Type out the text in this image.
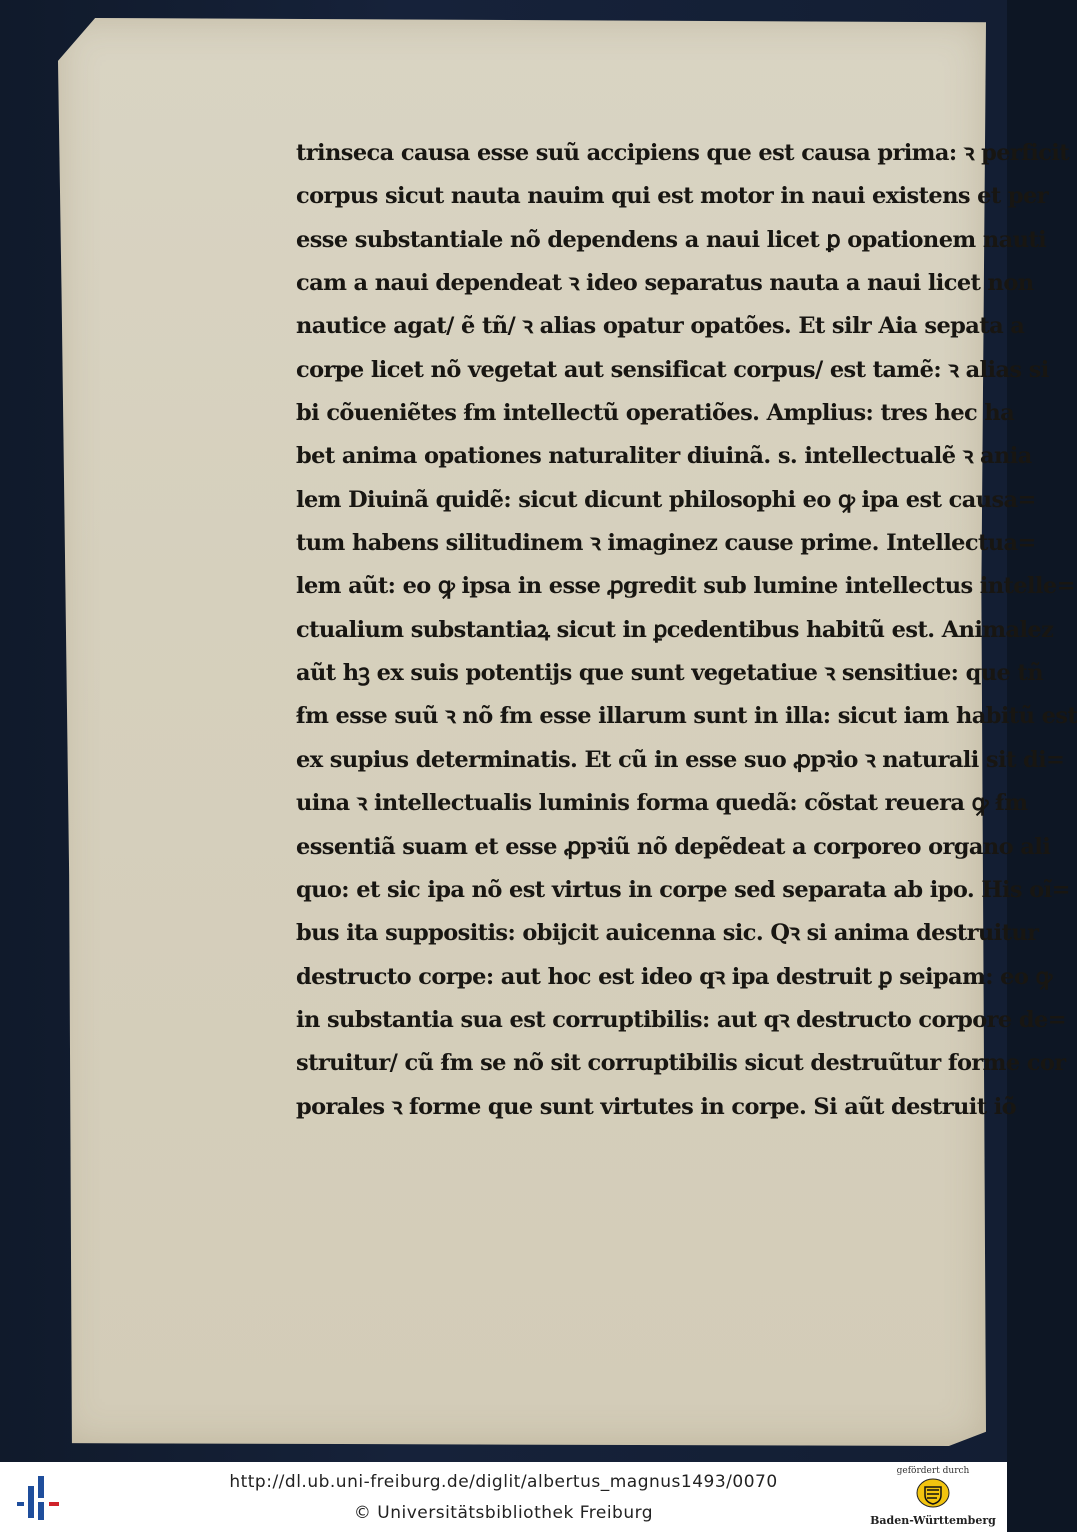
trinseca causa esse suũ accipiens que est causa prima: ꝛ perficit
corpus sicut nauta nauim qui est motor in naui existens et per
esse substantiale nõ dependens a naui licet ꝑ opationem nauti
cam a naui dependeat ꝛ ideo separatus nauta a naui licet non
nautice agat/ ẽ tñ/ ꝛ alias opatur opatões. Et silr Aia sepata a
corpe licet nõ vegetat aut sensificat corpus/ est tamẽ: ꝛ alias si
bi cõueniẽtes ẜm intellectũ operatiões. Amplius: tres hec ha
bet anima opationes naturaliter diuinã. s. intellectualẽ ꝛ ania
lem Diuinã quidẽ: sicut dicunt philosophi eo ꝙ ipa est causa=
tum habens silitudinem ꝛ imaginez cause prime. Intellectua=
lem aũt: eo ꝙ ipsa in esse ꝓgredit sub lumine intellectus intelle=
ctualium substantiaꝝ sicut in ꝑcedentibus habitũ est. Animalez
aũt hꝫ ex suis potentijs que sunt vegetatiue ꝛ sensitiue: que tñ
ẜm esse suũ ꝛ nõ ẜm esse illarum sunt in illa: sicut iam habitũ est
ex supius determinatis. Et cũ in esse suo ꝓpꝛio ꝛ naturali sit di=
uina ꝛ intellectualis luminis forma quedã: cõstat reuera ꝙ ẜm
essentiã suam et esse ꝓpꝛiũ nõ depẽdeat a corporeo organo ali
quo: et sic ipa nõ est virtus in corpe sed separata ab ipo. His oĩ=
bus ita suppositis: obijcit auicenna sic. Qꝛ si anima destruitur
destructo corpe: aut hoc est ideo qꝛ ipa destruit ꝑ seipam: eo ꝙ
in substantia sua est corruptibilis: aut qꝛ destructo corpore de=
struitur/ cũ ẜm se nõ sit corruptibilis sicut destruũtur forme cor
porales ꝛ forme que sunt virtutes in corpe. Si aũt destruit iõ
http://dl.ub.uni-freiburg.de/diglit/albertus_magnus1493/0070
© Universitätsbibliothek Freiburg
gefördert durch
Baden-Württemberg
